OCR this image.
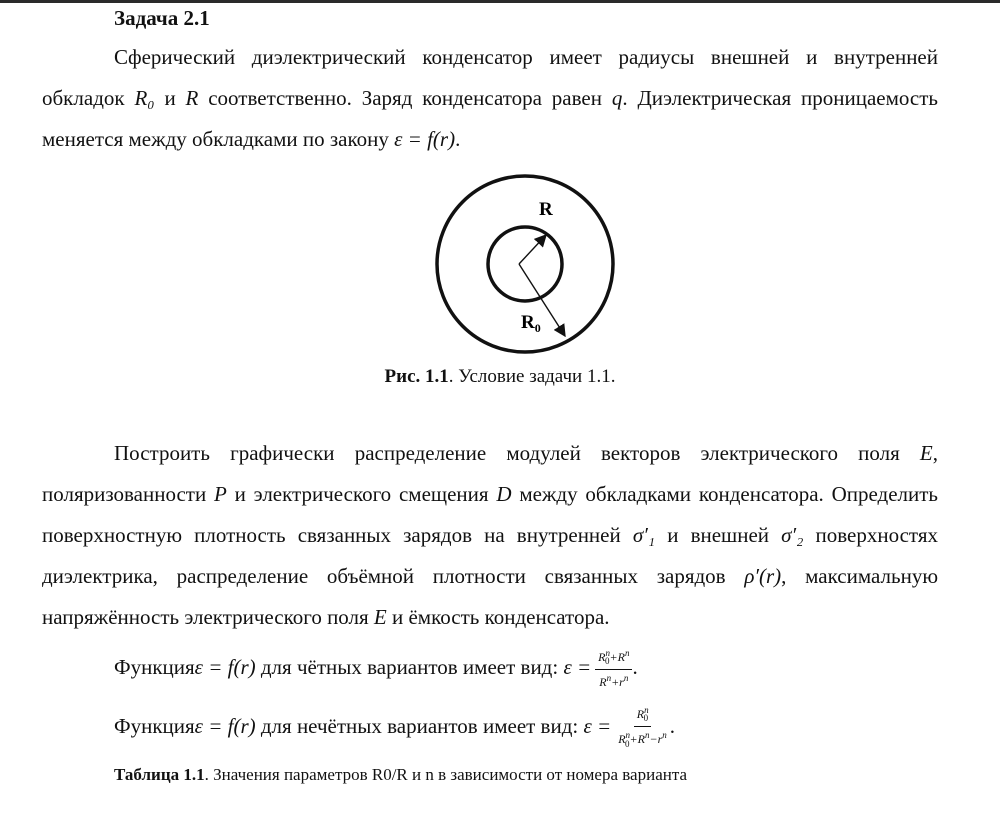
Задача 2.1
Сферический диэлектрический конденсатор имеет радиусы внешней и внутренней обкладок R₀ и R соответственно. Заряд конденсатора равен q. Диэлектрическая проницаемость меняется между обкладками по закону ε = f(r).
R
$R_0$
Рис. 1.1. Условие задачи 1.1.
Построить графически распределение модулей векторов электрического поля E, поляризованности P и электрического смещения D между обкладками конденсатора. Определить поверхностную плотность связанных зарядов на внутренней σ′₁ и внешней σ′₂ поверхностях диэлектрика, распределение объёмной плотности связанных зарядов ρ′(r), максимальную напряжённость электрического поля E и ёмкость конденсатора.
Функция ε = f(r) для чётных вариантов имеет вид: $\varepsilon = \frac{R^n_0+R^n}{R^n+r^n}$ .
Функция ε = f(r) для нечётных вариантов имеет вид: $\varepsilon = \frac{R^n_0}{R^n_0+R^n-r^n}$ .
Таблица 1.1. Значения параметров R0/R и n в зависимости от номера варианта
